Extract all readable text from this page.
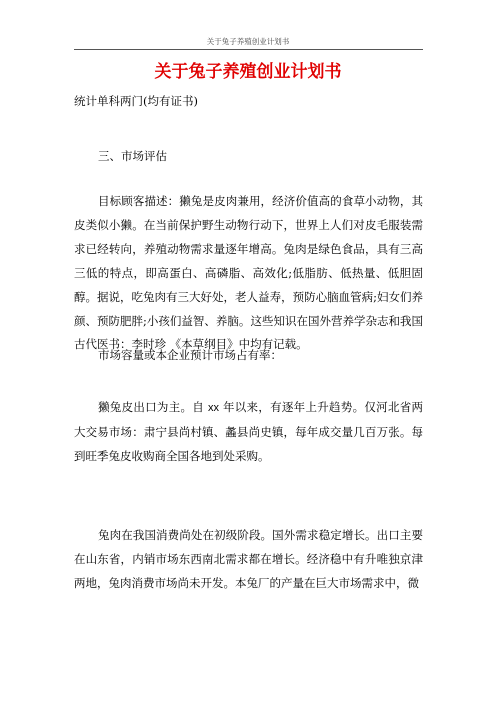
关于兔子养殖创业计划书
关于兔子养殖创业计划书
统计单科两门(均有证书)
三、市场评估

目标顾客描述：獭兔是皮肉兼用，经济价值高的食草小动物，其皮类似小獭。在当前保护野生动物行动下，世界上人们对皮毛服装需求已经转向，养殖动物需求量逐年增高。兔肉是绿色食品，具有三高三低的特点，即高蛋白、高磷脂、高效化;低脂肪、低热量、低胆固醇。据说，吃兔肉有三大好处，老人益寿，预防心脑血管病;妇女们养颜、预防肥胖;小孩们益智、养脑。这些知识在国外营养学杂志和我国古代医书：李时珍 《本草纲目》中均有记载。

市场容量或本企业预计市场占有率：

獭兔皮出口为主。自 xx 年以来，有逐年上升趋势。仅河北省两大交易市场：肃宁县尚村镇、蠡县尚史镇，每年成交量几百万张。每到旺季兔皮收购商全国各地到处采购。

兔肉在我国消费尚处在初级阶段。国外需求稳定增长。出口主要在山东省，内销市场东西南北需求都在增长。经济稳中有升唯独京津两地，兔肉消费市场尚未开发。本兔厂的产量在巨大市场需求中，微
